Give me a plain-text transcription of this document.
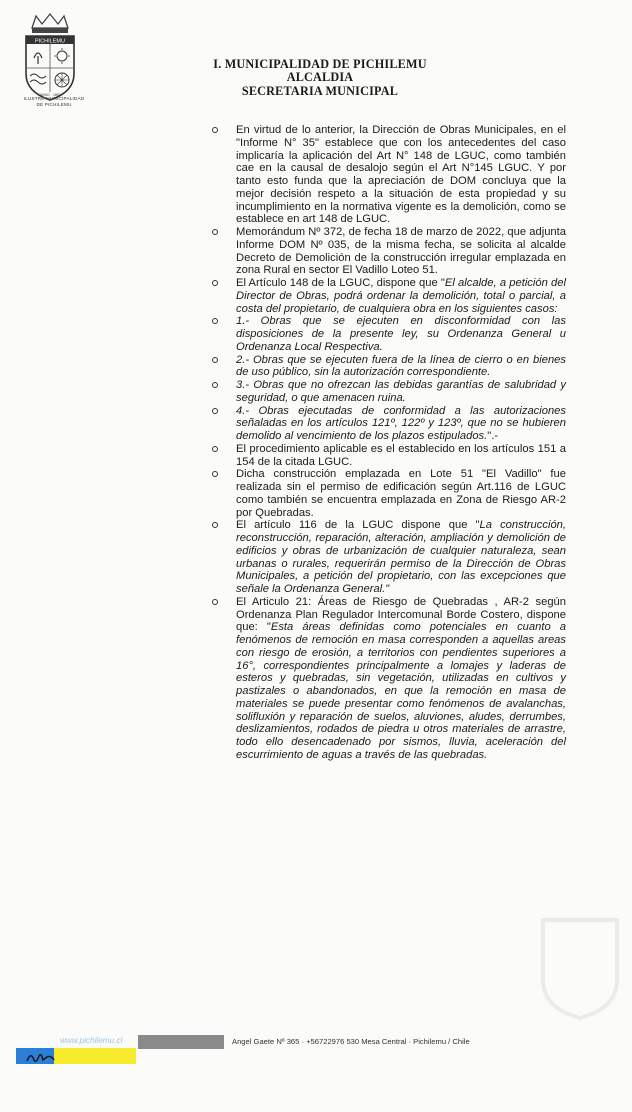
PICHILEMU
JUNIO · 1891
ILUSTRE MUNICIPALIDAD
DE PICHILEMU
I. MUNICIPALIDAD DE PICHILEMU
ALCALDIA
SECRETARIA MUNICIPAL
En virtud de lo anterior, la Dirección de Obras Municipales, en el "Informe N° 35" establece que con los antecedentes del caso implicaría la aplicación del Art N° 148 de LGUC, como también cae en la causal de desalojo según el Art N°145 LGUC. Y por tanto esto funda que la apreciación de DOM concluya que la mejor decisión respeto a la situación de esta propiedad y su incumplimiento en la normativa vigente es la demolición, como se establece en art 148 de LGUC.
Memorándum Nº 372, de fecha 18 de marzo de 2022, que adjunta Informe DOM Nº 035, de la misma fecha, se solicita al alcalde Decreto de Demolición de la construcción irregular emplazada en zona Rural en sector El Vadillo Loteo 51.
El Artículo 148 de la LGUC, dispone que "El alcalde, a petición del Director de Obras, podrá ordenar la demolición, total o parcial, a costa del propietario, de cualquiera obra en los siguientes casos:
1.- Obras que se ejecuten en disconformidad con las disposiciones de la presente ley, su Ordenanza General u Ordenanza Local Respectiva.
2.- Obras que se ejecuten fuera de la línea de cierro o en bienes de uso público, sin la autorización correspondiente.
3.- Obras que no ofrezcan las debidas garantías de salubridad y seguridad, o que amenacen ruina.
4.- Obras ejecutadas de conformidad a las autorizaciones señaladas en los artículos 121º, 122º y 123º, que no se hubieren demolido al vencimiento de los plazos estipulados.".-
El procedimiento aplicable es el establecido en los artículos 151 a 154 de la citada LGUC.
Dicha construcción emplazada en Lote 51 "El Vadillo" fue realizada sin el permiso de edificación según Art.116 de LGUC como también se encuentra emplazada en Zona de Riesgo AR-2 por Quebradas.
El artículo 116 de la LGUC dispone que "La construcción, reconstrucción, reparación, alteración, ampliación y demolición de edificios y obras de urbanización de cualquier naturaleza, sean urbanas o rurales, requerirán permiso de la Dirección de Obras Municipales, a petición del propietario, con las excepciones que señale la Ordenanza General."
El Articulo 21: Áreas de Riesgo de Quebradas , AR-2 según Ordenanza Plan Regulador Intercomunal Borde Costero, dispone que: "Esta áreas definidas como potenciales en cuanto a fenómenos de remoción en masa corresponden a aquellas areas con riesgo de erosión, a territorios con pendientes superiores a 16°, correspondientes principalmente a lomajes y laderas de esteros y quebradas, sin vegetación, utilizadas en cultivos y pastizales o abandonados, en que la remoción en masa de materiales se puede presentar como fenómenos de avalanchas, solifluxión y reparación de suelos, aluviones, aludes, derrumbes, deslizamientos, rodados de piedra u otros materiales de arrastre, todo ello desencadenado por sismos, lluvia, aceleración del escurrimiento de aguas a través de las quebradas.
www.pichilemu.cl	Angel Gaete Nº 365 · +56722976 530 Mesa Central · Pichilemu / Chile
